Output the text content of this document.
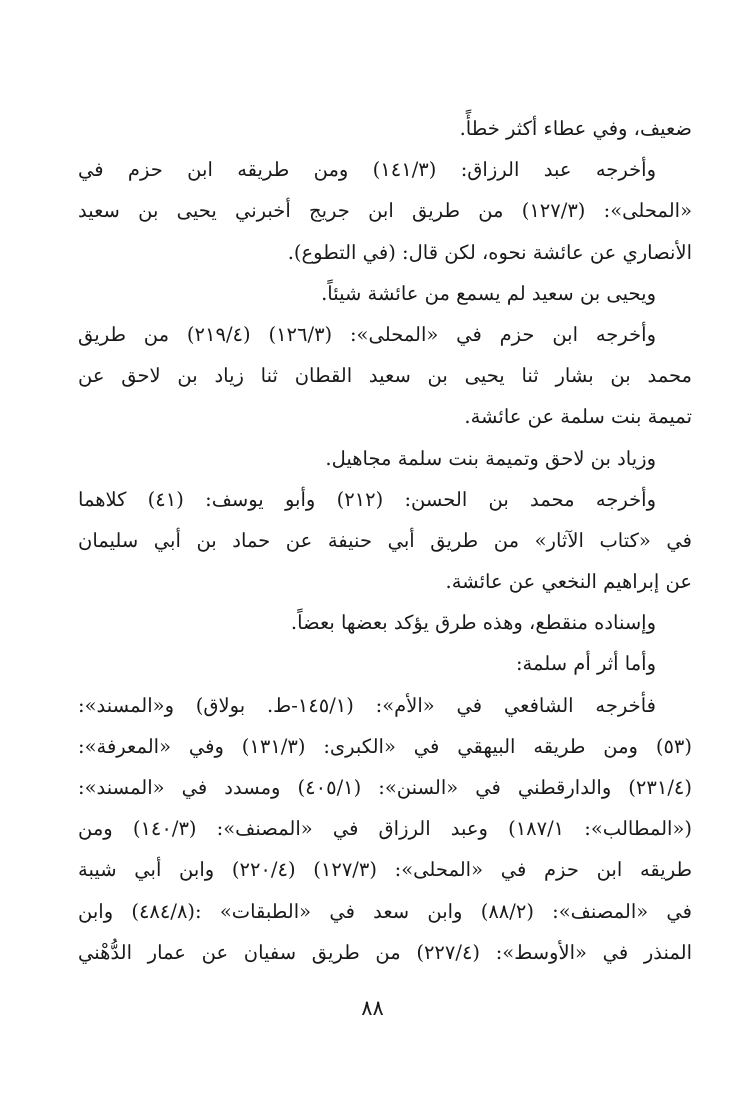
ضعيف، وفي عطاء أكثر خطأً.
وأخرجه عبد الرزاق: (١٤١/٣) ومن طريقه ابن حزم في
«المحلى»: (١٢٧/٣) من طريق ابن جريج أخبرني يحيى بن سعيد
الأنصاري عن عائشة نحوه، لكن قال: (في التطوع).
ويحيى بن سعيد لم يسمع من عائشة شيئاً.
وأخرجه ابن حزم في «المحلى»: (١٢٦/٣) (٢١٩/٤) من طريق
محمد بن بشار ثنا يحيى بن سعيد القطان ثنا زياد بن لاحق عن
تميمة بنت سلمة عن عائشة.
وزياد بن لاحق وتميمة بنت سلمة مجاهيل.
وأخرجه محمد بن الحسن: (٢١٢) وأبو يوسف: (٤١) كلاهما
في «كتاب الآثار» من طريق أبي حنيفة عن حماد بن أبي سليمان
عن إبراهيم النخعي عن عائشة.
وإسناده منقطع، وهذه طرق يؤكد بعضها بعضاً.
وأما أثر أم سلمة:
فأخرجه الشافعي في «الأم»: (١٤٥/١-ط. بولاق) و«المسند»:
(٥٣) ومن طريقه البيهقي في «الكبرى: (١٣١/٣) وفي «المعرفة»:
(٢٣١/٤) والدارقطني في «السنن»: (٤٠٥/١) ومسدد في «المسند»:
(«المطالب»: ١٨٧/١) وعبد الرزاق في «المصنف»: (١٤٠/٣) ومن
طريقه ابن حزم في «المحلى»: (١٢٧/٣) (٢٢٠/٤) وابن أبي شيبة
في «المصنف»: (٨٨/٢) وابن سعد في «الطبقات» :(٤٨٤/٨) وابن
المنذر في «الأوسط»: (٢٢٧/٤) من طريق سفيان عن عمار الدُّهْني
٨٨
